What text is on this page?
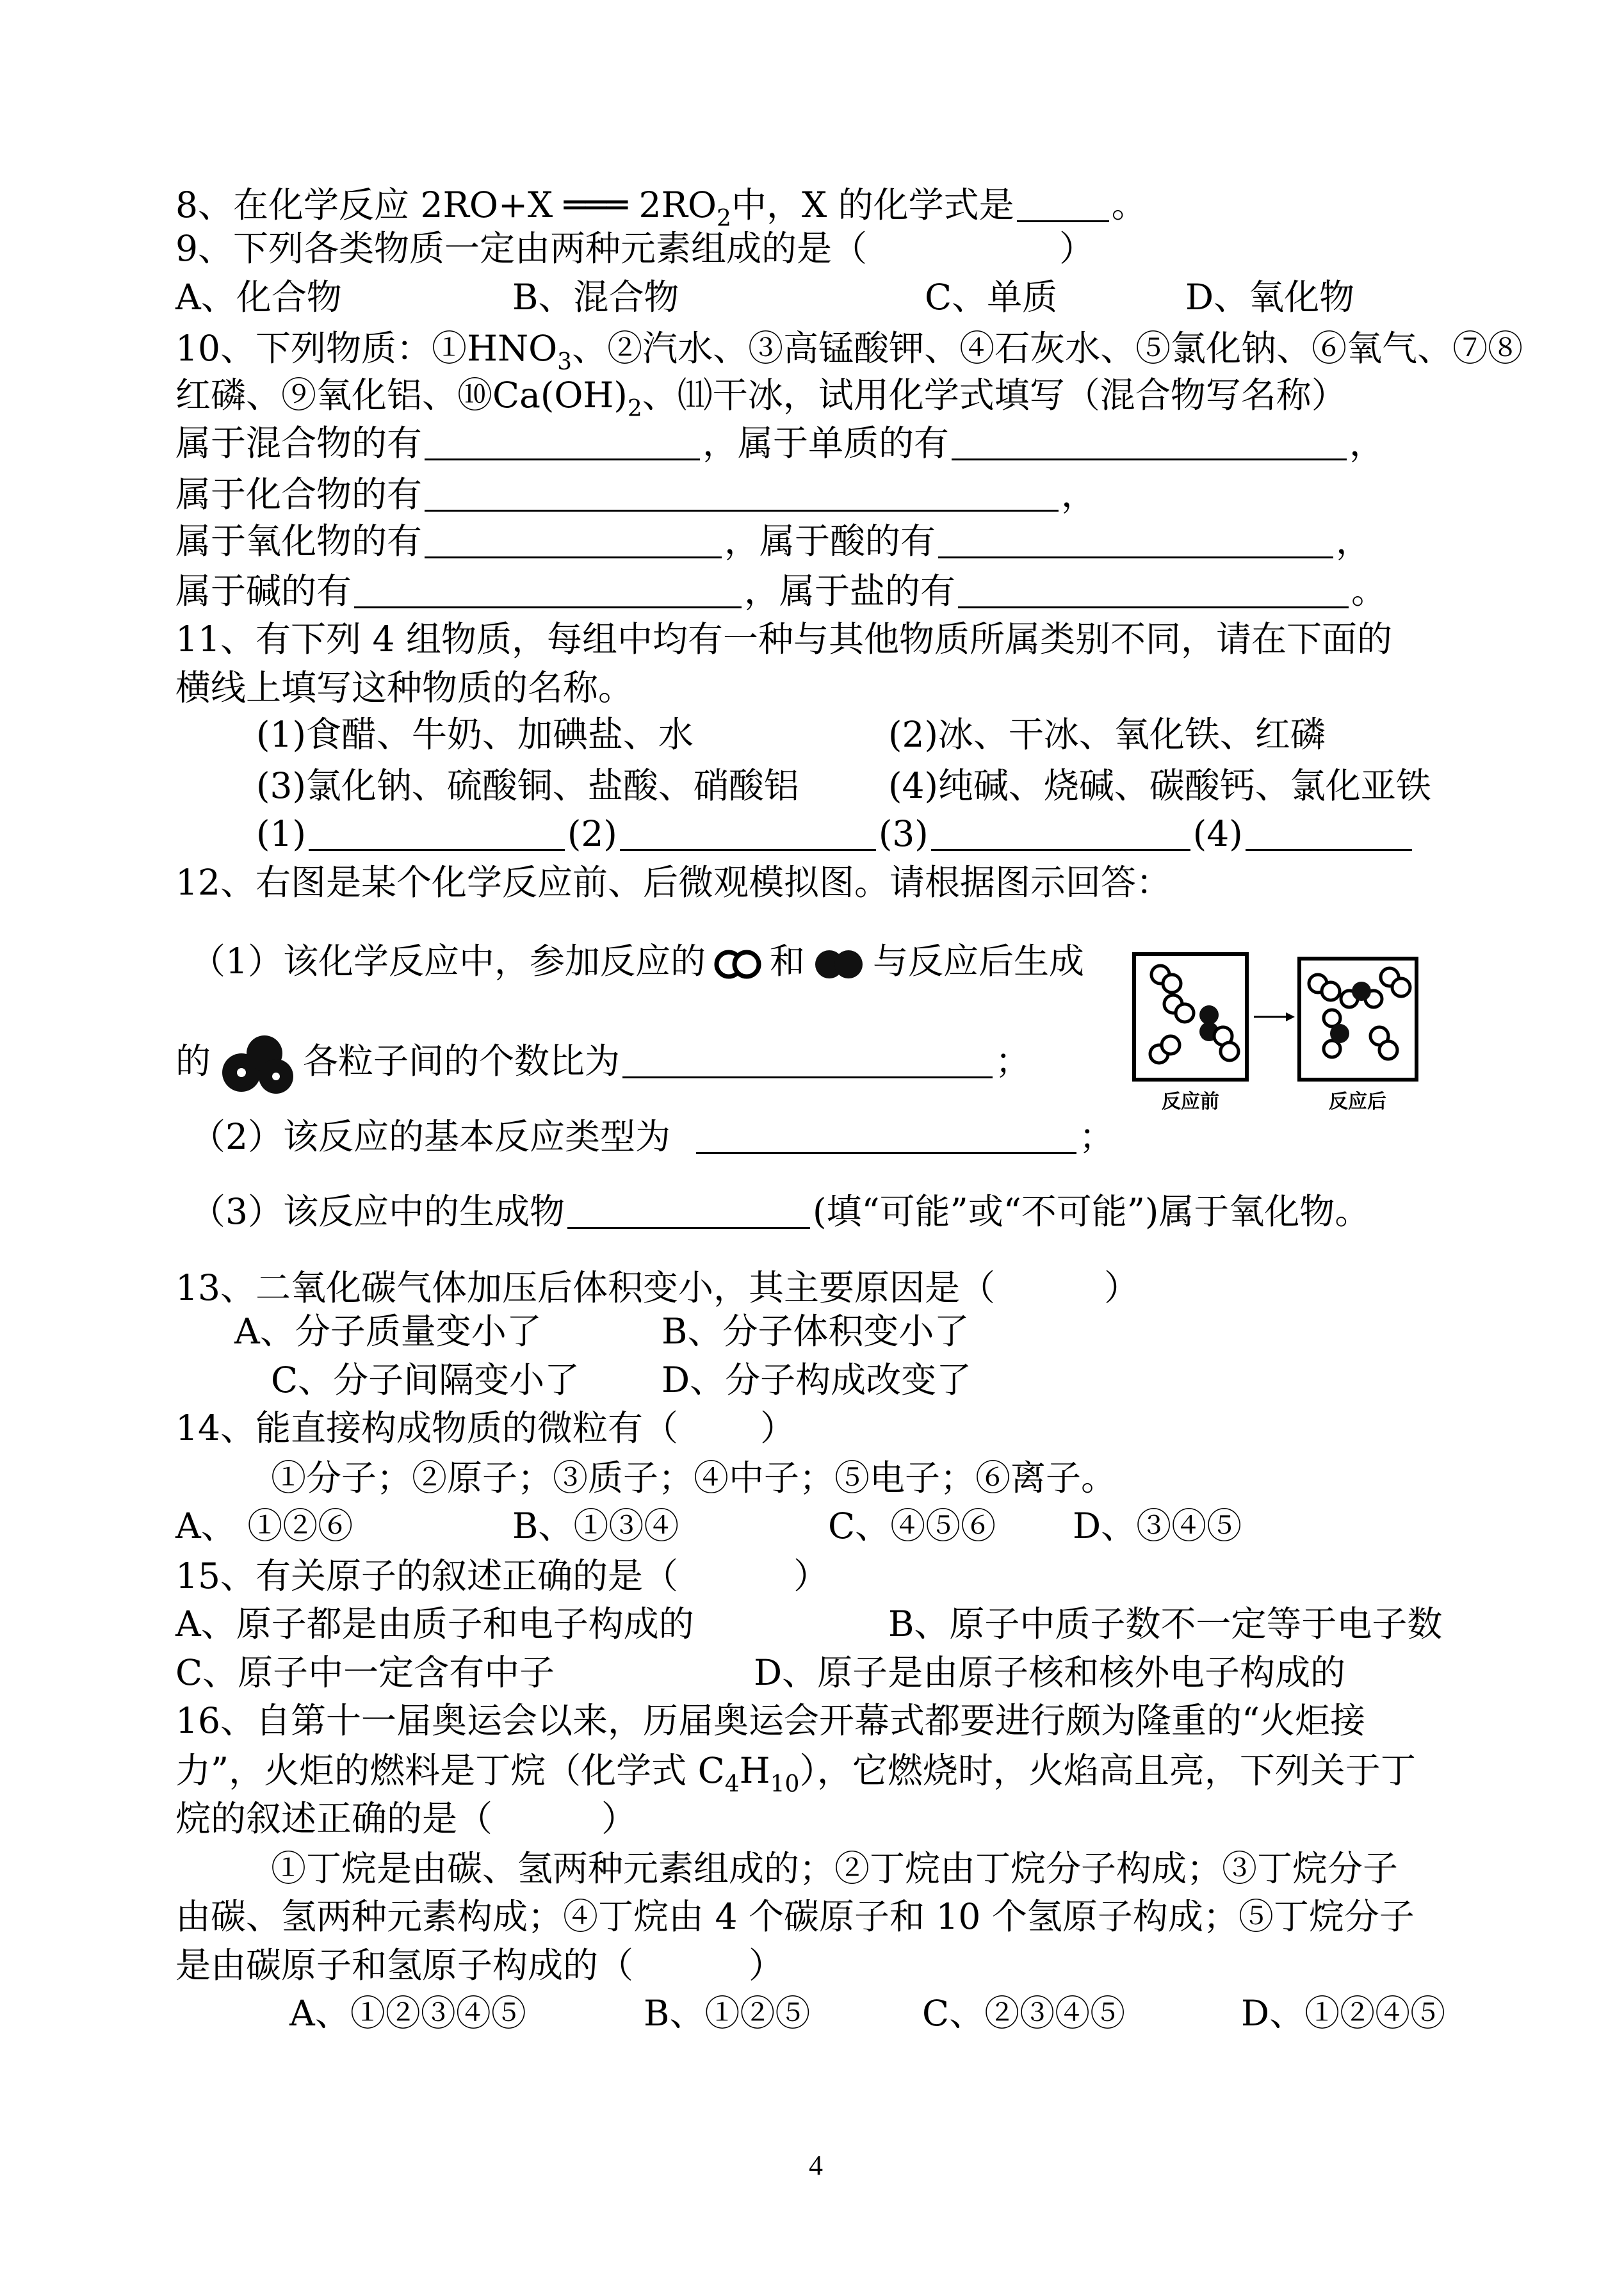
8、在化学反应 2RO+X ═══ $2RO_2$中，X 的化学式是	。
9、下列各类物质一定由两种元素组成的是（	）
A、化合物	B、混合物	C、单质	D、氧化物
10、下列物质：$①HNO_3$、②汽水、③高锰酸钾、④石灰水、⑤氯化钠、⑥氧气、⑦⑧
红磷、⑨氧化铝、$⑩Ca(OH)_2$、⑾干冰，试用化学式填写（混合物写名称）
属于混合物的有	，属于单质的有	，
属于化合物的有	，
属于氧化物的有	，属于酸的有	，
属于碱的有	，属于盐的有	。
11、有下列 4 组物质，每组中均有一种与其他物质所属类别不同，请在下面的
横线上填写这种物质的名称。
(1)食醋、牛奶、加碘盐、水	(2)冰、干冰、氧化铁、红磷
(3)氯化钠、硫酸铜、盐酸、硝酸铝	(4)纯碱、烧碱、碳酸钙、氯化亚铁
(1)	(2)	(3)	(4)
12、右图是某个化学反应前、后微观模拟图。请根据图示回答：
（1）该化学反应中，参加反应的 和 与反应后生成
的	各粒子间的个数比为	；
（2）该反应的基本反应类型为	；
（3）该反应中的生成物	(填“可能”或“不可能”)属于氧化物。
反应前	反应后
13、二氧化碳气体加压后体积变小，其主要原因是（	）
A、分子质量变小了	B、分子体积变小了
C、分子间隔变小了 D、分子构成改变了
14、能直接构成物质的微粒有（ ）
①分子；②原子；③质子；④中子；⑤电子；⑥离子。
A、 ①②⑥	B、①③④	C、④⑤⑥ D、③④⑤
15、有关原子的叙述正确的是（	）
A、原子都是由质子和电子构成的	B、原子中质子数不一定等于电子数
C、原子中一定含有中子	D、原子是由原子核和核外电子构成的
16、自第十一届奥运会以来，历届奥运会开幕式都要进行颇为隆重的“火炬接
力”，火炬的燃料是丁烷（化学式 $C_4H_{10}$），它燃烧时，火焰高且亮，下列关于丁
烷的叙述正确的是（	）
①丁烷是由碳、氢两种元素组成的；②丁烷由丁烷分子构成；③丁烷分子
由碳、氢两种元素构成；④丁烷由 4 个碳原子和 10 个氢原子构成；⑤丁烷分子
是由碳原子和氢原子构成的（	）
A、①②③④⑤	B、①②⑤	C、②③④⑤	D、①②④⑤
4
